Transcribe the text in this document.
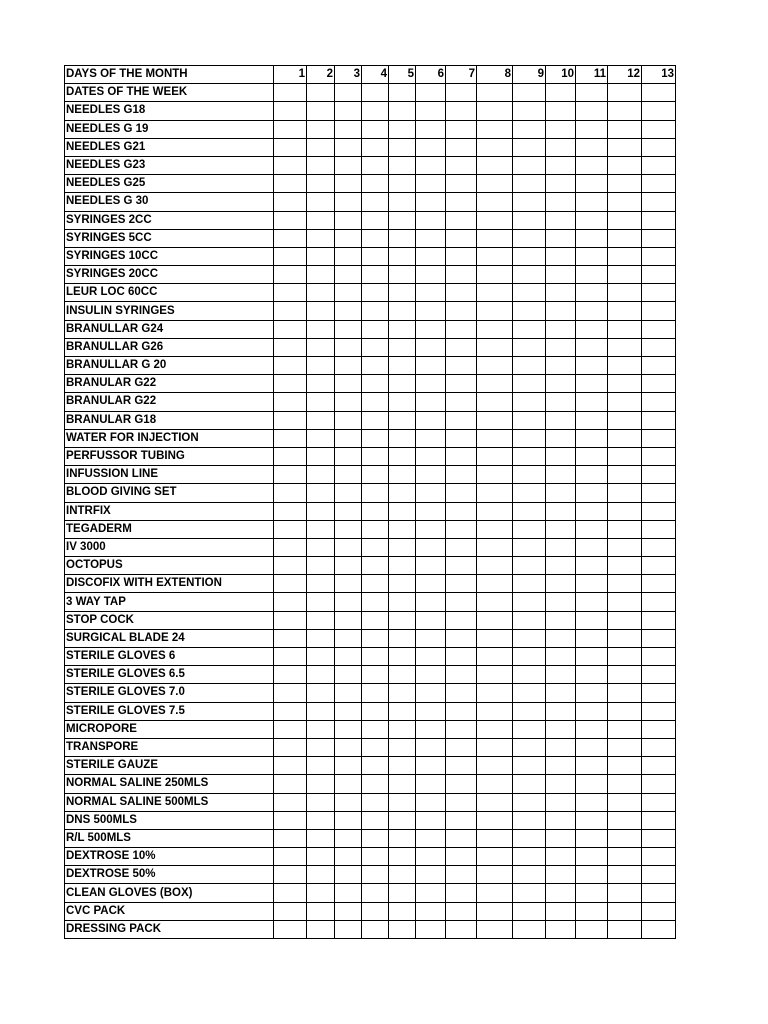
DAYS OF THE MONTH	1	2	3	4	5	6	7	8	9	10	11	12	13
DATES OF THE WEEK													
NEEDLES G18													
NEEDLES G 19													
NEEDLES G21													
NEEDLES G23													
NEEDLES G25													
NEEDLES G 30													
SYRINGES 2CC													
SYRINGES 5CC													
SYRINGES 10CC													
SYRINGES 20CC													
LEUR LOC 60CC													
INSULIN SYRINGES													
BRANULLAR G24													
BRANULLAR G26													
BRANULLAR G 20													
BRANULAR G22													
BRANULAR G22													
BRANULAR G18													
WATER FOR INJECTION													
PERFUSSOR TUBING													
INFUSSION LINE													
BLOOD GIVING SET													
INTRFIX													
TEGADERM													
IV 3000													
OCTOPUS													
DISCOFIX WITH EXTENTION													
3 WAY TAP													
STOP COCK													
SURGICAL BLADE 24													
STERILE GLOVES 6													
STERILE GLOVES 6.5													
STERILE GLOVES 7.0													
STERILE GLOVES 7.5													
MICROPORE													
TRANSPORE													
STERILE GAUZE													
NORMAL SALINE 250MLS													
NORMAL SALINE 500MLS													
DNS 500MLS													
R/L 500MLS													
DEXTROSE 10%													
DEXTROSE 50%													
CLEAN GLOVES (BOX)													
CVC PACK													
DRESSING PACK													
